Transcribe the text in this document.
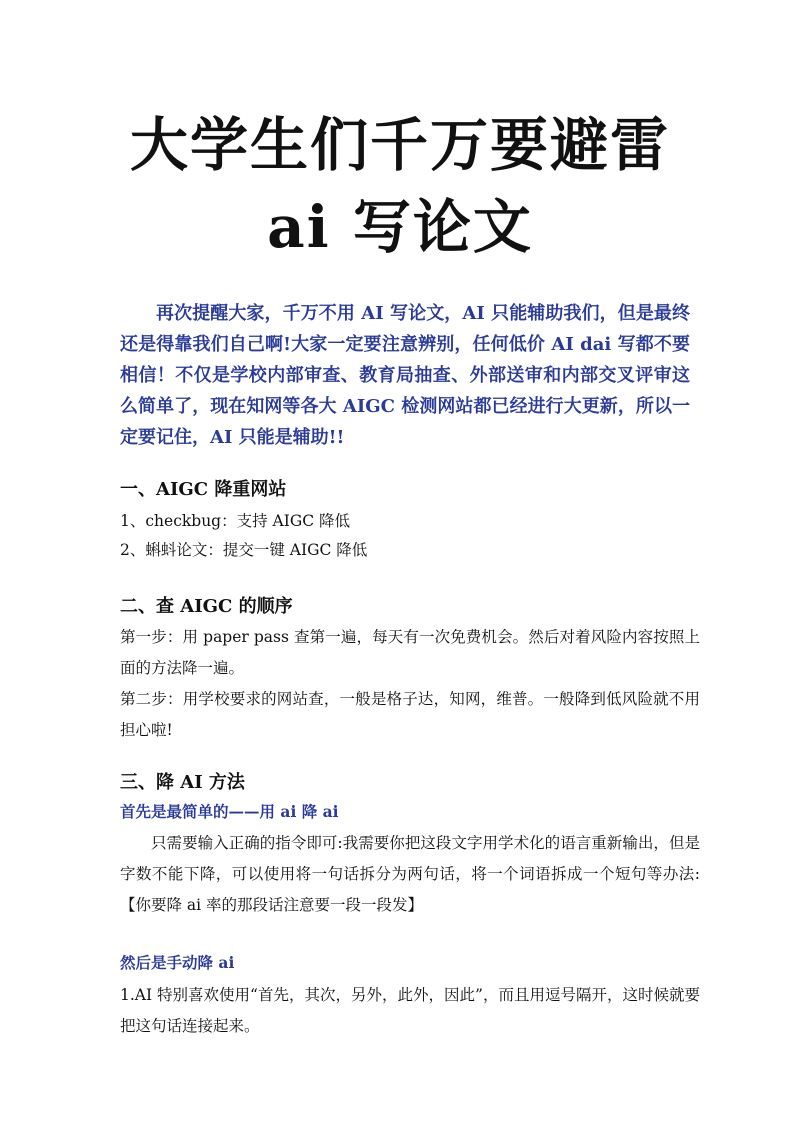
大学生们千万要避雷
ai 写论文
再次提醒大家，千万不用 AI 写论文，AI 只能辅助我们，但是最终还是得靠我们自己啊!大家一定要注意辨别，任何低价 AI dai 写都不要相信！不仅是学校内部审查、教育局抽查、外部送审和内部交叉评审这么简单了，现在知网等各大 AIGC 检测网站都已经进行大更新，所以一定要记住，AI 只能是辅助!!
一、AIGC 降重网站
1、checkbug：支持 AIGC 降低
2、蝌蚪论文：提交一键 AIGC 降低
二、查 AIGC 的顺序
第一步：用 paper pass 查第一遍，每天有一次免费机会。然后对着风险内容按照上面的方法降一遍。
第二步：用学校要求的网站查，一般是格子达，知网，维普。一般降到低风险就不用担心啦!
三、降 AI 方法
首先是最简单的——用 ai 降 ai
只需要输入正确的指令即可:我需要你把这段文字用学术化的语言重新输出，但是字数不能下降，可以使用将一句话拆分为两句话，将一个词语拆成一个短句等办法:【你要降 ai 率的那段话注意要一段一段发】
然后是手动降 ai
1.AI 特别喜欢使用“首先，其次，另外，此外，因此”，而且用逗号隔开，这时候就要把这句话连接起来。
